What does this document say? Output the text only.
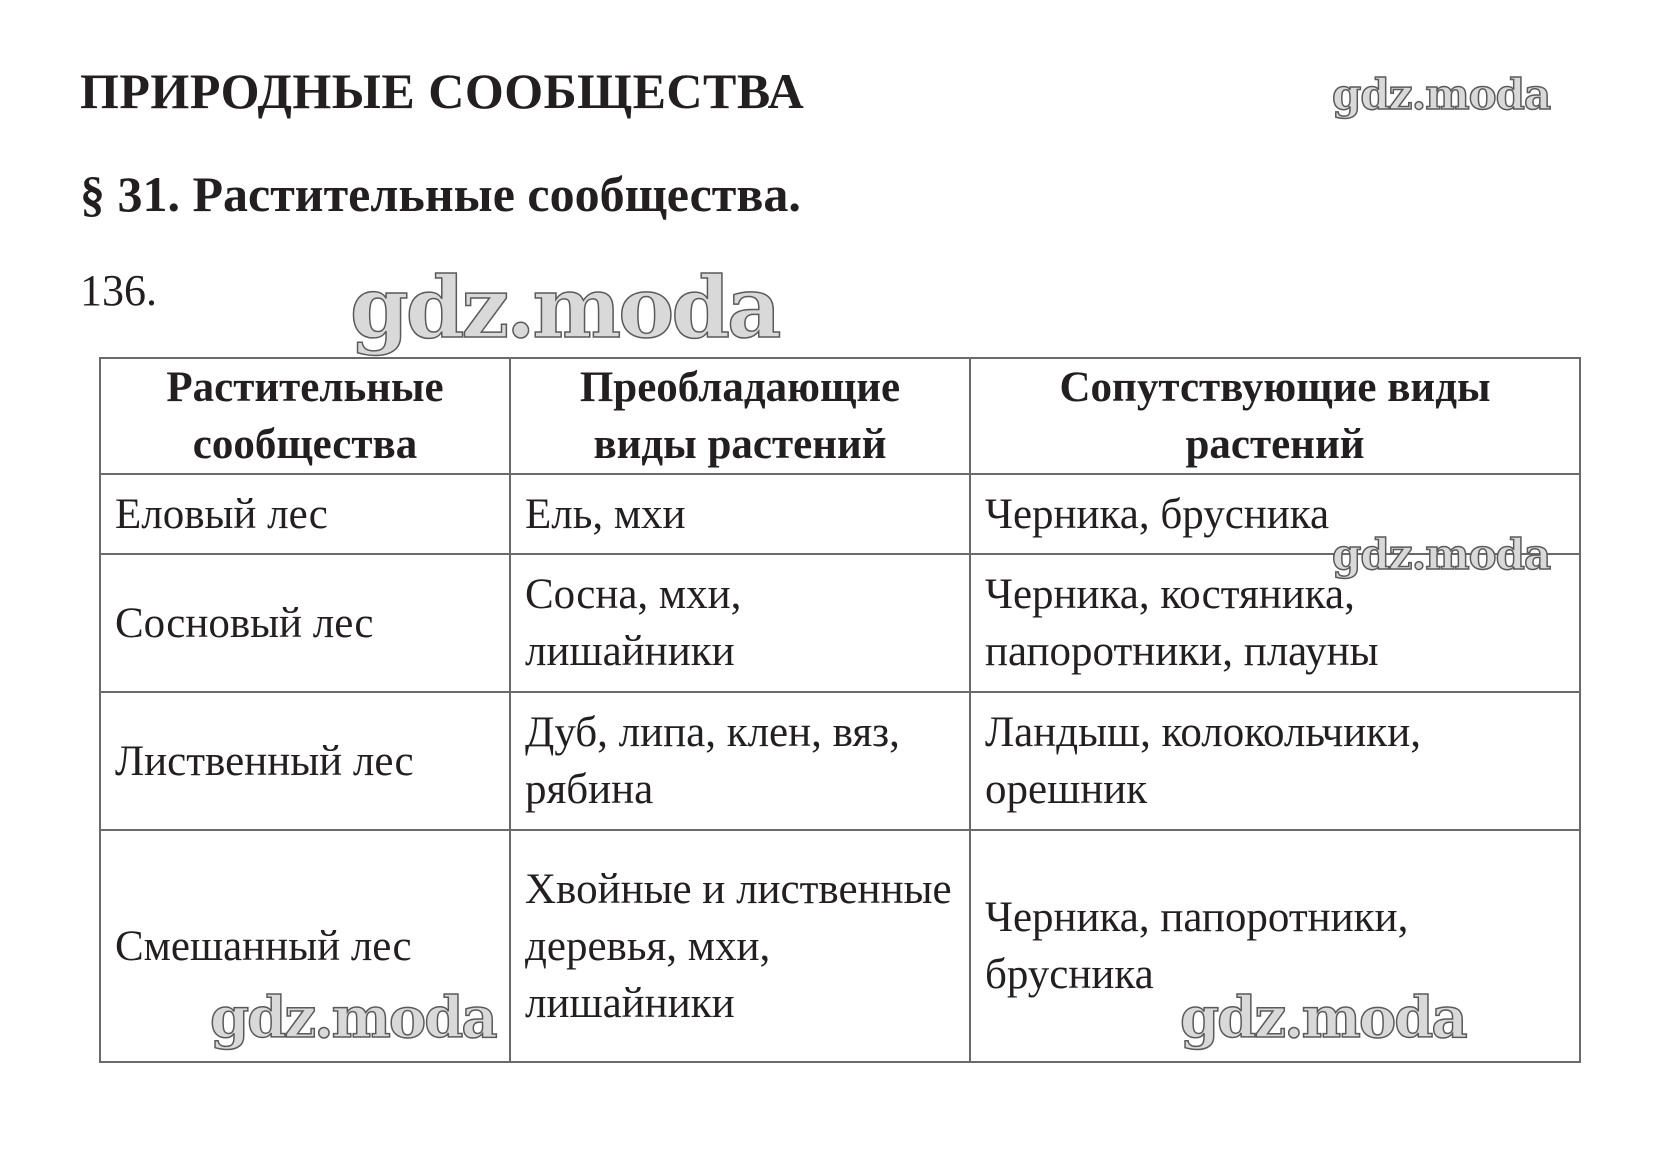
ПРИРОДНЫЕ СООБЩЕСТВА
§ 31. Растительные сообщества.
136.
Растительные сообщества	Преобладающие виды растений	Сопутствующие виды растений
Еловый лес	Ель, мхи	Черника, брусника
Сосновый лес	Сосна, мхи, лишайники	Черника, костяника, папоротники, плауны
Лиственный лес	Дуб, липа, клен, вяз, рябина	Ландыш, колокольчики, орешник
Смешанный лес	Хвойные и лиственные деревья, мхи, лишайники	Черника, папоротники, брусника
gdz.moda
gdz.moda
gdz.moda
gdz.moda	gdz.moda
